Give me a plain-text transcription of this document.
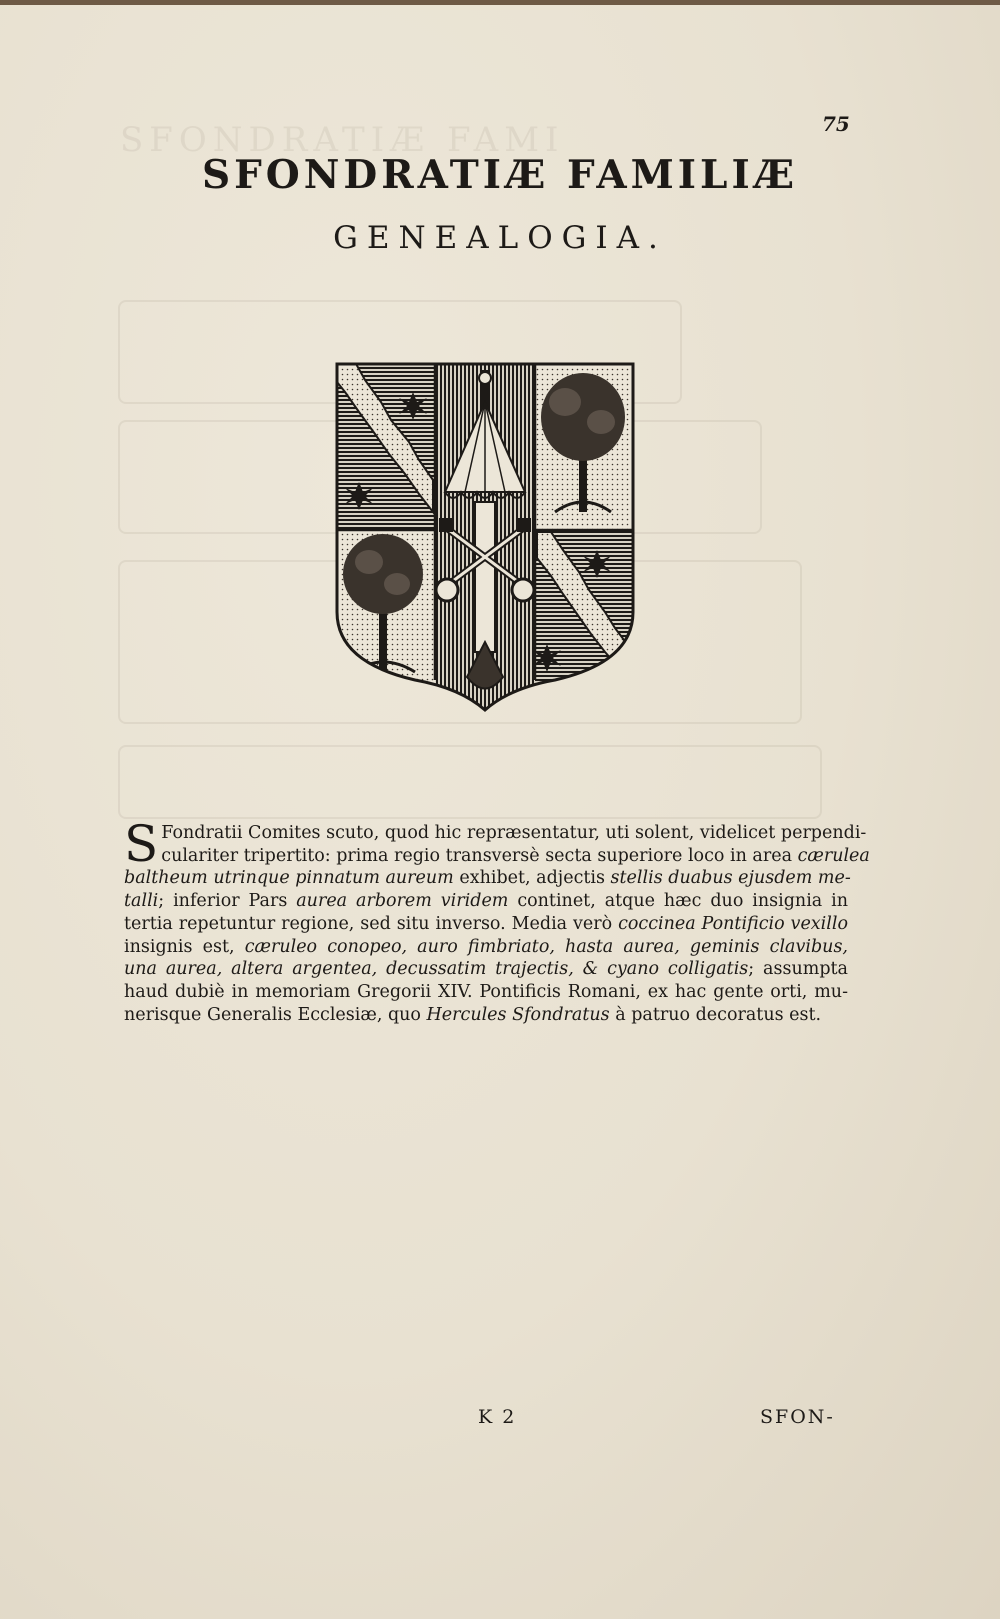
SFONDRATIÆ FAMI	75
SFONDRATIÆ FAMILIÆ
GENEALOGIA.
S Fondratii Comites scuto, quod hic repræsentatur, uti solent, videlicet perpendi-
culariter tripertito: prima regio transversè secta superiore loco in area cærulea
baltheum utrinque pinnatum aureum exhibet, adjectis stellis duabus ejusdem me-
talli; inferior Pars aurea arborem viridem continet, atque hæc duo insignia in
tertia repetuntur regione, sed situ inverso. Media verò coccinea Pontificio vexillo
insignis est, cæruleo conopeo, auro fimbriato, hasta aurea, geminis clavibus,
una aurea, altera argentea, decussatim trajectis, & cyano colligatis; assumpta
haud dubiè in memoriam Gregorii XIV. Pontificis Romani, ex hac gente orti, mu-
nerisque Generalis Ecclesiæ, quo Hercules Sfondratus à patruo decoratus est.
K 2	SFON-
